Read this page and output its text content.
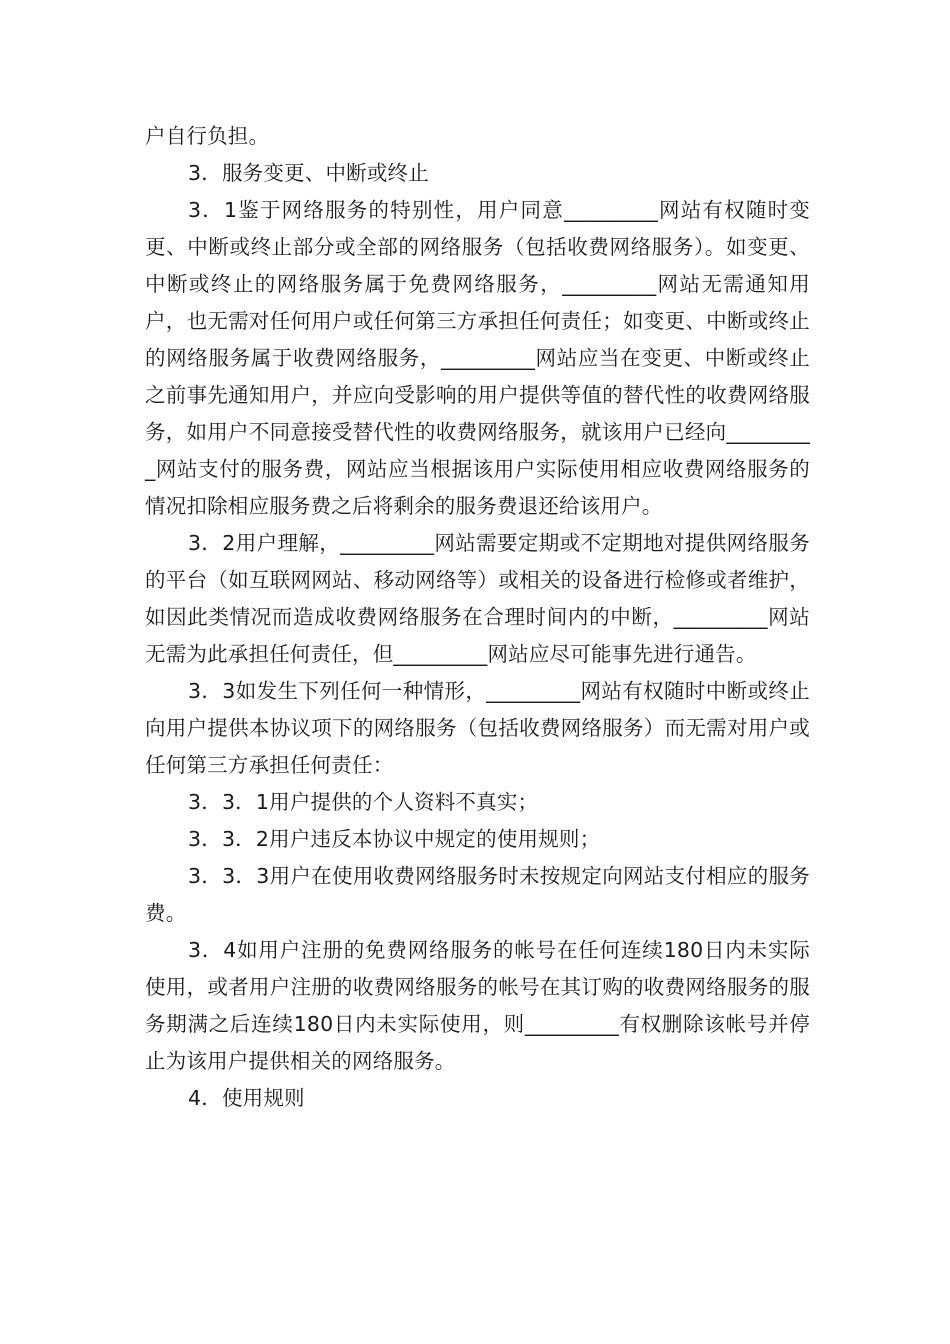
户自行负担。

3．服务变更、中断或终止

3．1鉴于网络服务的特别性，用户同意_________网站有权随时变更、中断或终止部分或全部的网络服务（包括收费网络服务）。如变更、中断或终止的网络服务属于免费网络服务，_________网站无需通知用户，也无需对任何用户或任何第三方承担任何责任；如变更、中断或终止的网络服务属于收费网络服务，_________网站应当在变更、中断或终止之前事先通知用户，并应向受影响的用户提供等值的替代性的收费网络服务，如用户不同意接受替代性的收费网络服务，就该用户已经向_________网站支付的服务费，网站应当根据该用户实际使用相应收费网络服务的情况扣除相应服务费之后将剩余的服务费退还给该用户。

3．2用户理解，_________网站需要定期或不定期地对提供网络服务的平台（如互联网网站、移动网络等）或相关的设备进行检修或者维护，如因此类情况而造成收费网络服务在合理时间内的中断，_________网站无需为此承担任何责任，但_________网站应尽可能事先进行通告。

3．3如发生下列任何一种情形，_________网站有权随时中断或终止向用户提供本协议项下的网络服务（包括收费网络服务）而无需对用户或任何第三方承担任何责任：

3．3．1用户提供的个人资料不真实；

3．3．2用户违反本协议中规定的使用规则；

3．3．3用户在使用收费网络服务时未按规定向网站支付相应的服务费。

3．4如用户注册的免费网络服务的帐号在任何连续180日内未实际使用，或者用户注册的收费网络服务的帐号在其订购的收费网络服务的服务期满之后连续180日内未实际使用，则_________有权删除该帐号并停止为该用户提供相关的网络服务。

4．使用规则
